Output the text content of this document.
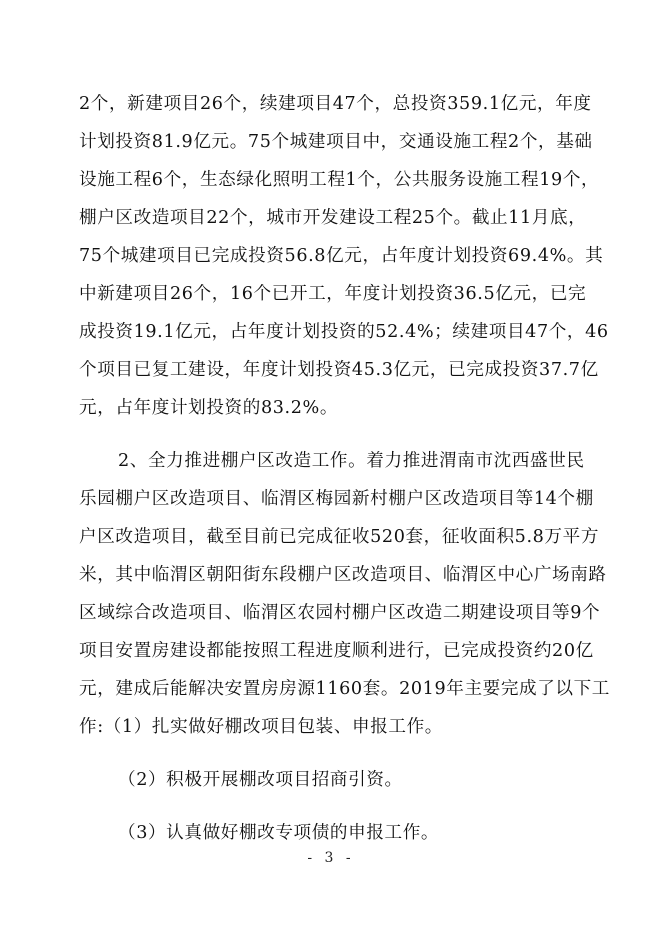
2个，新建项目26个，续建项目47个，总投资359.1亿元，年度
计划投资81.9亿元。75个城建项目中，交通设施工程2个，基础
设施工程6个，生态绿化照明工程1个，公共服务设施工程19个，
棚户区改造项目22个，城市开发建设工程25个。截止11月底，
75个城建项目已完成投资56.8亿元，占年度计划投资69.4%。其
中新建项目26个，16个已开工，年度计划投资36.5亿元，已完
成投资19.1亿元，占年度计划投资的52.4%；续建项目47个，46
个项目已复工建设，年度计划投资45.3亿元，已完成投资37.7亿
元，占年度计划投资的83.2%。
2、全力推进棚户区改造工作。着力推进渭南市沈西盛世民
乐园棚户区改造项目、临渭区梅园新村棚户区改造项目等14个棚
户区改造项目，截至目前已完成征收520套，征收面积5.8万平方
米，其中临渭区朝阳街东段棚户区改造项目、临渭区中心广场南路
区域综合改造项目、临渭区农园村棚户区改造二期建设项目等9个
项目安置房建设都能按照工程进度顺利进行，已完成投资约20亿
元，建成后能解决安置房房源1160套。2019年主要完成了以下工
作:（1）扎实做好棚改项目包装、申报工作。
（2）积极开展棚改项目招商引资。
（3）认真做好棚改专项债的申报工作。
- 3 -
